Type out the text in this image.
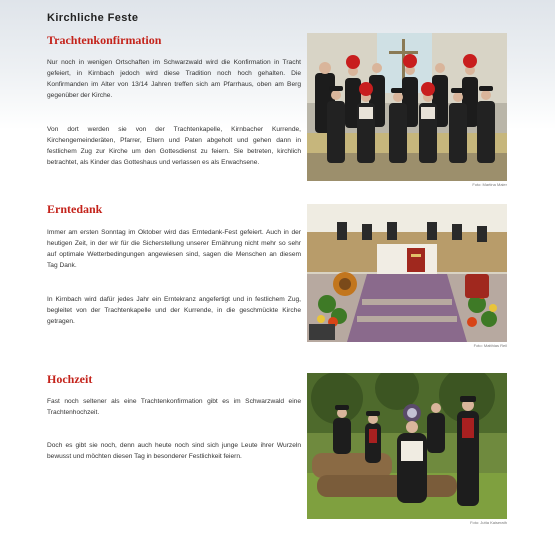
Kirchliche Feste
Trachtenkonfirmation
Nur noch in wenigen Ortschaften im Schwarzwald wird die Konfirmation in Tracht gefeiert, in Kirnbach jedoch wird diese Tradition noch hoch gehalten. Die Konfirmanden im Alter von 13/14 Jahren treffen sich am Pfarrhaus, oben am Berg gegenüber der Kirche.
Von dort werden sie von der Trachtenkapelle, Kirnbacher Kurrende, Kirchengemeinderäten, Pfarrer, Eltern und Paten abgeholt und gehen dann in festlichem Zug zur Kirche um den Gottesdienst zu feiern. Sie betreten, kirchlich betrachtet, als Kinder das Gotteshaus und verlassen es als Erwachsene.
Foto: Martina Maier
Erntedank
Immer am ersten Sonntag im Oktober wird das Erntedank-Fest gefeiert. Auch in der heutigen Zeit, in der wir für die Sicherstellung unserer Ernährung nicht mehr so sehr auf optimale Wetterbedingungen angewiesen sind, sagen die Menschen an diesem Tag Dank.
In Kirnbach wird dafür jedes Jahr ein Erntekranz angefertigt und in festlichem Zug, begleitet von der Trachtenkapelle und der Kurrende, in die geschmückte Kirche getragen.
Foto: Matthias Reil
Hochzeit
Fast noch seltener als eine Trachtenkonfirmation gibt es im Schwarzwald eine Trachtenhochzeit.
Doch es gibt sie noch, denn auch heute noch sind sich junge Leute ihrer Wurzeln bewusst und möchten diesen Tag in besonderer Festlichkeit feiern.
Foto: Jutta Kaiserath
